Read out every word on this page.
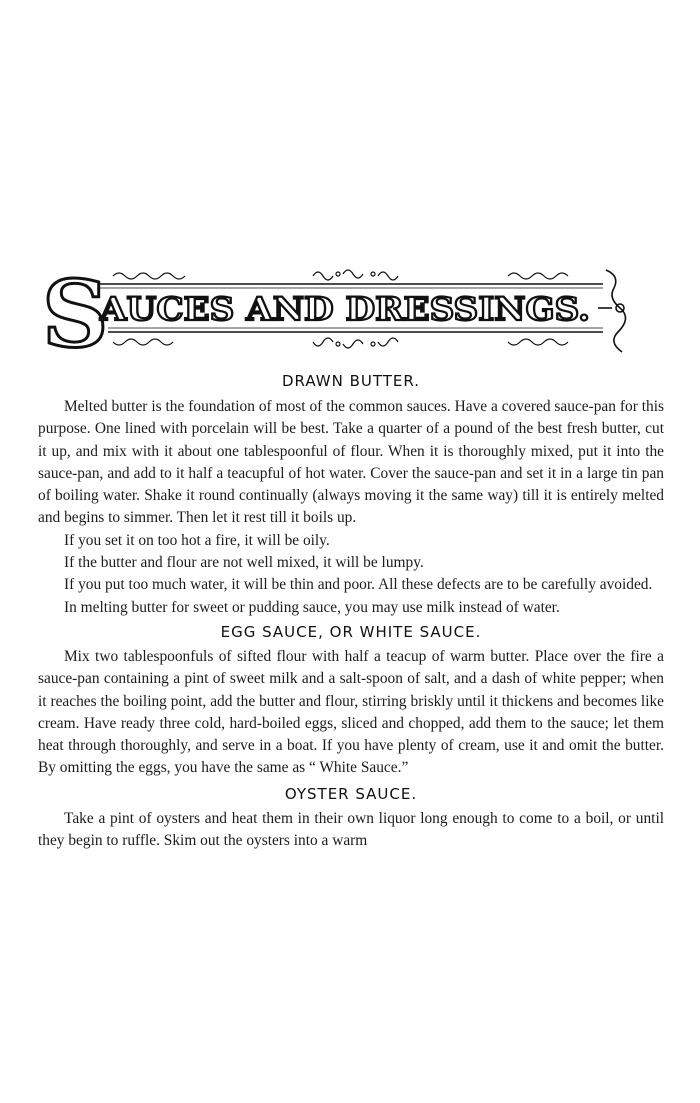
S
AUCES AND DRESSINGS.
DRAWN BUTTER.

Melted butter is the foundation of most of the common sauces. Have a covered sauce-pan for this purpose. One lined with porcelain will be best. Take a quarter of a pound of the best fresh butter, cut it up, and mix with it about one tablespoonful of flour. When it is thoroughly mixed, put it into the sauce-pan, and add to it half a teacupful of hot water. Cover the sauce-pan and set it in a large tin pan of boiling water. Shake it round continually (always moving it the same way) till it is entirely melted and begins to simmer. Then let it rest till it boils up.

If you set it on too hot a fire, it will be oily.

If the butter and flour are not well mixed, it will be lumpy.

If you put too much water, it will be thin and poor. All these defects are to be carefully avoided.

In melting butter for sweet or pudding sauce, you may use milk instead of water.

EGG SAUCE, OR WHITE SAUCE.

Mix two tablespoonfuls of sifted flour with half a teacup of warm butter. Place over the fire a sauce-pan containing a pint of sweet milk and a salt-spoon of salt, and a dash of white pepper; when it reaches the boiling point, add the butter and flour, stirring briskly until it thickens and becomes like cream. Have ready three cold, hard-boiled eggs, sliced and chopped, add them to the sauce; let them heat through thoroughly, and serve in a boat. If you have plenty of cream, use it and omit the butter. By omitting the eggs, you have the same as “ White Sauce.”

OYSTER SAUCE.

Take a pint of oysters and heat them in their own liquor long enough to come to a boil, or until they begin to ruffle. Skim out the oysters into a warm
